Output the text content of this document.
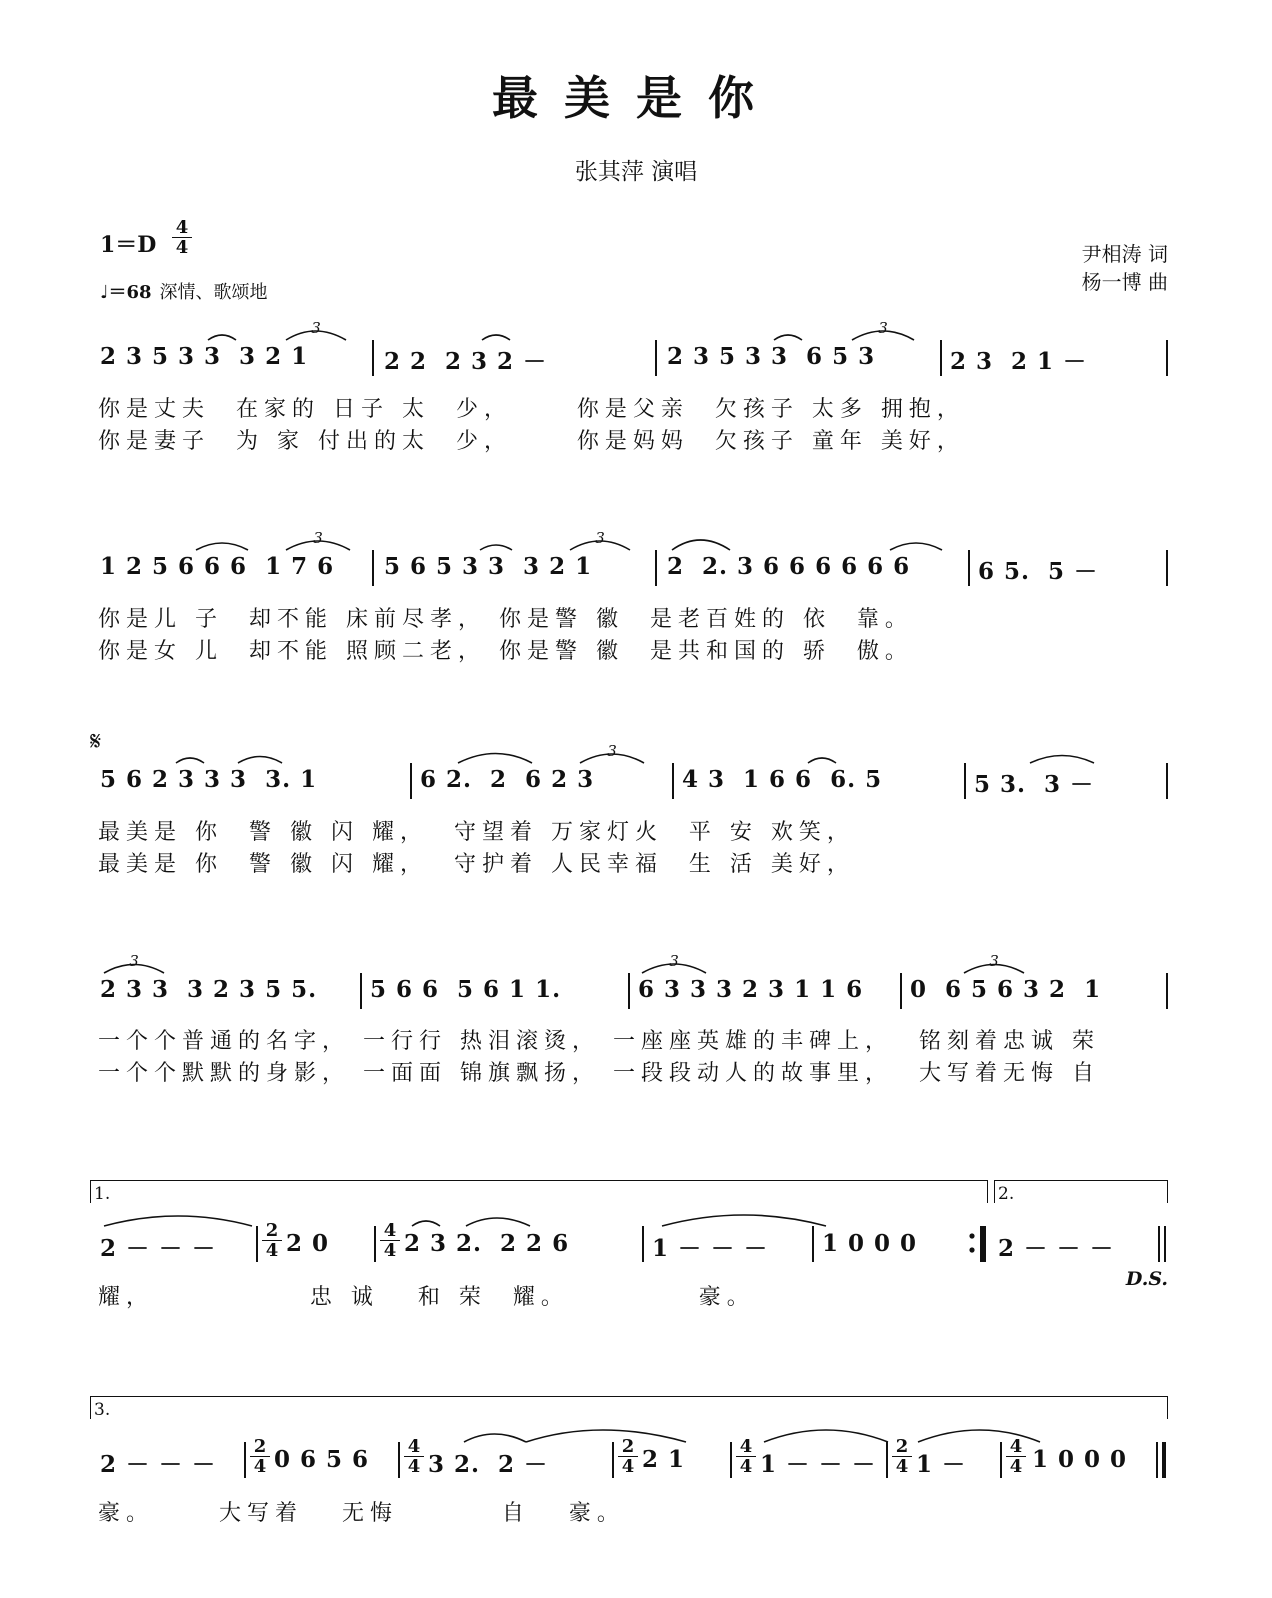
最美是你
张其萍 演唱
1＝D
4
4
♩＝68 深情、歌颂地
尹相涛 词
杨一博 曲
2 3 5 3 3  3 2 1	2 2  2 3 2 －	2 3 5 3 3  6 5 3	2 3  2 1 －
你是丈夫  在家的 日子 太  少，     你是父亲  欠孩子 太多 拥抱，
你是妻子  为 家 付出的太  少，     你是妈妈  欠孩子 童年 美好，
1 2 5 6 6 6  1 7 6 5 6 5 3 3  3 2 1	2  2. 3 6 6 6 6 6 6	6 5.  5 －
你是儿 子  却不能 床前尽孝， 你是警 徽  是老百姓的 依  靠。
你是女 儿  却不能 照顾二老， 你是警 徽  是共和国的 骄  傲。
𝄋
5 6 2 3 3 3  3. 1	6 2.  2  6 2 3	4 3  1 6 6  6. 5	5 3.  3 －
最美是 你  警 徽 闪 耀，  守望着 万家灯火  平 安 欢笑，
最美是 你  警 徽 闪 耀，  守护着 人民幸福  生 活 美好，
2 3 3  3 2 3 5 5. 5 6 6  5 6 1 1.	6 3 3 3 2 3 1 1 6 0  6 5 6 3 2  1
一个个普通的名字， 一行行 热泪滚烫， 一座座英雄的丰碑上，  铭刻着忠诚 荣
一个个默默的身影， 一面面 锦旗飘扬， 一段段动人的故事里，  大写着无悔 自
1.	2.
2 － － －
2
4 2 0	4
4 2 3 2.  2 2 6	1 － － － 1 0 0 0	2 － － －
D.S.
耀，            忠 诚   和 荣  耀。          豪。
3.
2 － － －
2
4 0 6 5 6 4
4 3 2.  2 －
2
4 2 1	4
4 1 － － －
2
4 1 －
4
4 1 0 0 0
豪。     大写着   无悔        自   豪。
3	3
3	3
3
3	3	3
